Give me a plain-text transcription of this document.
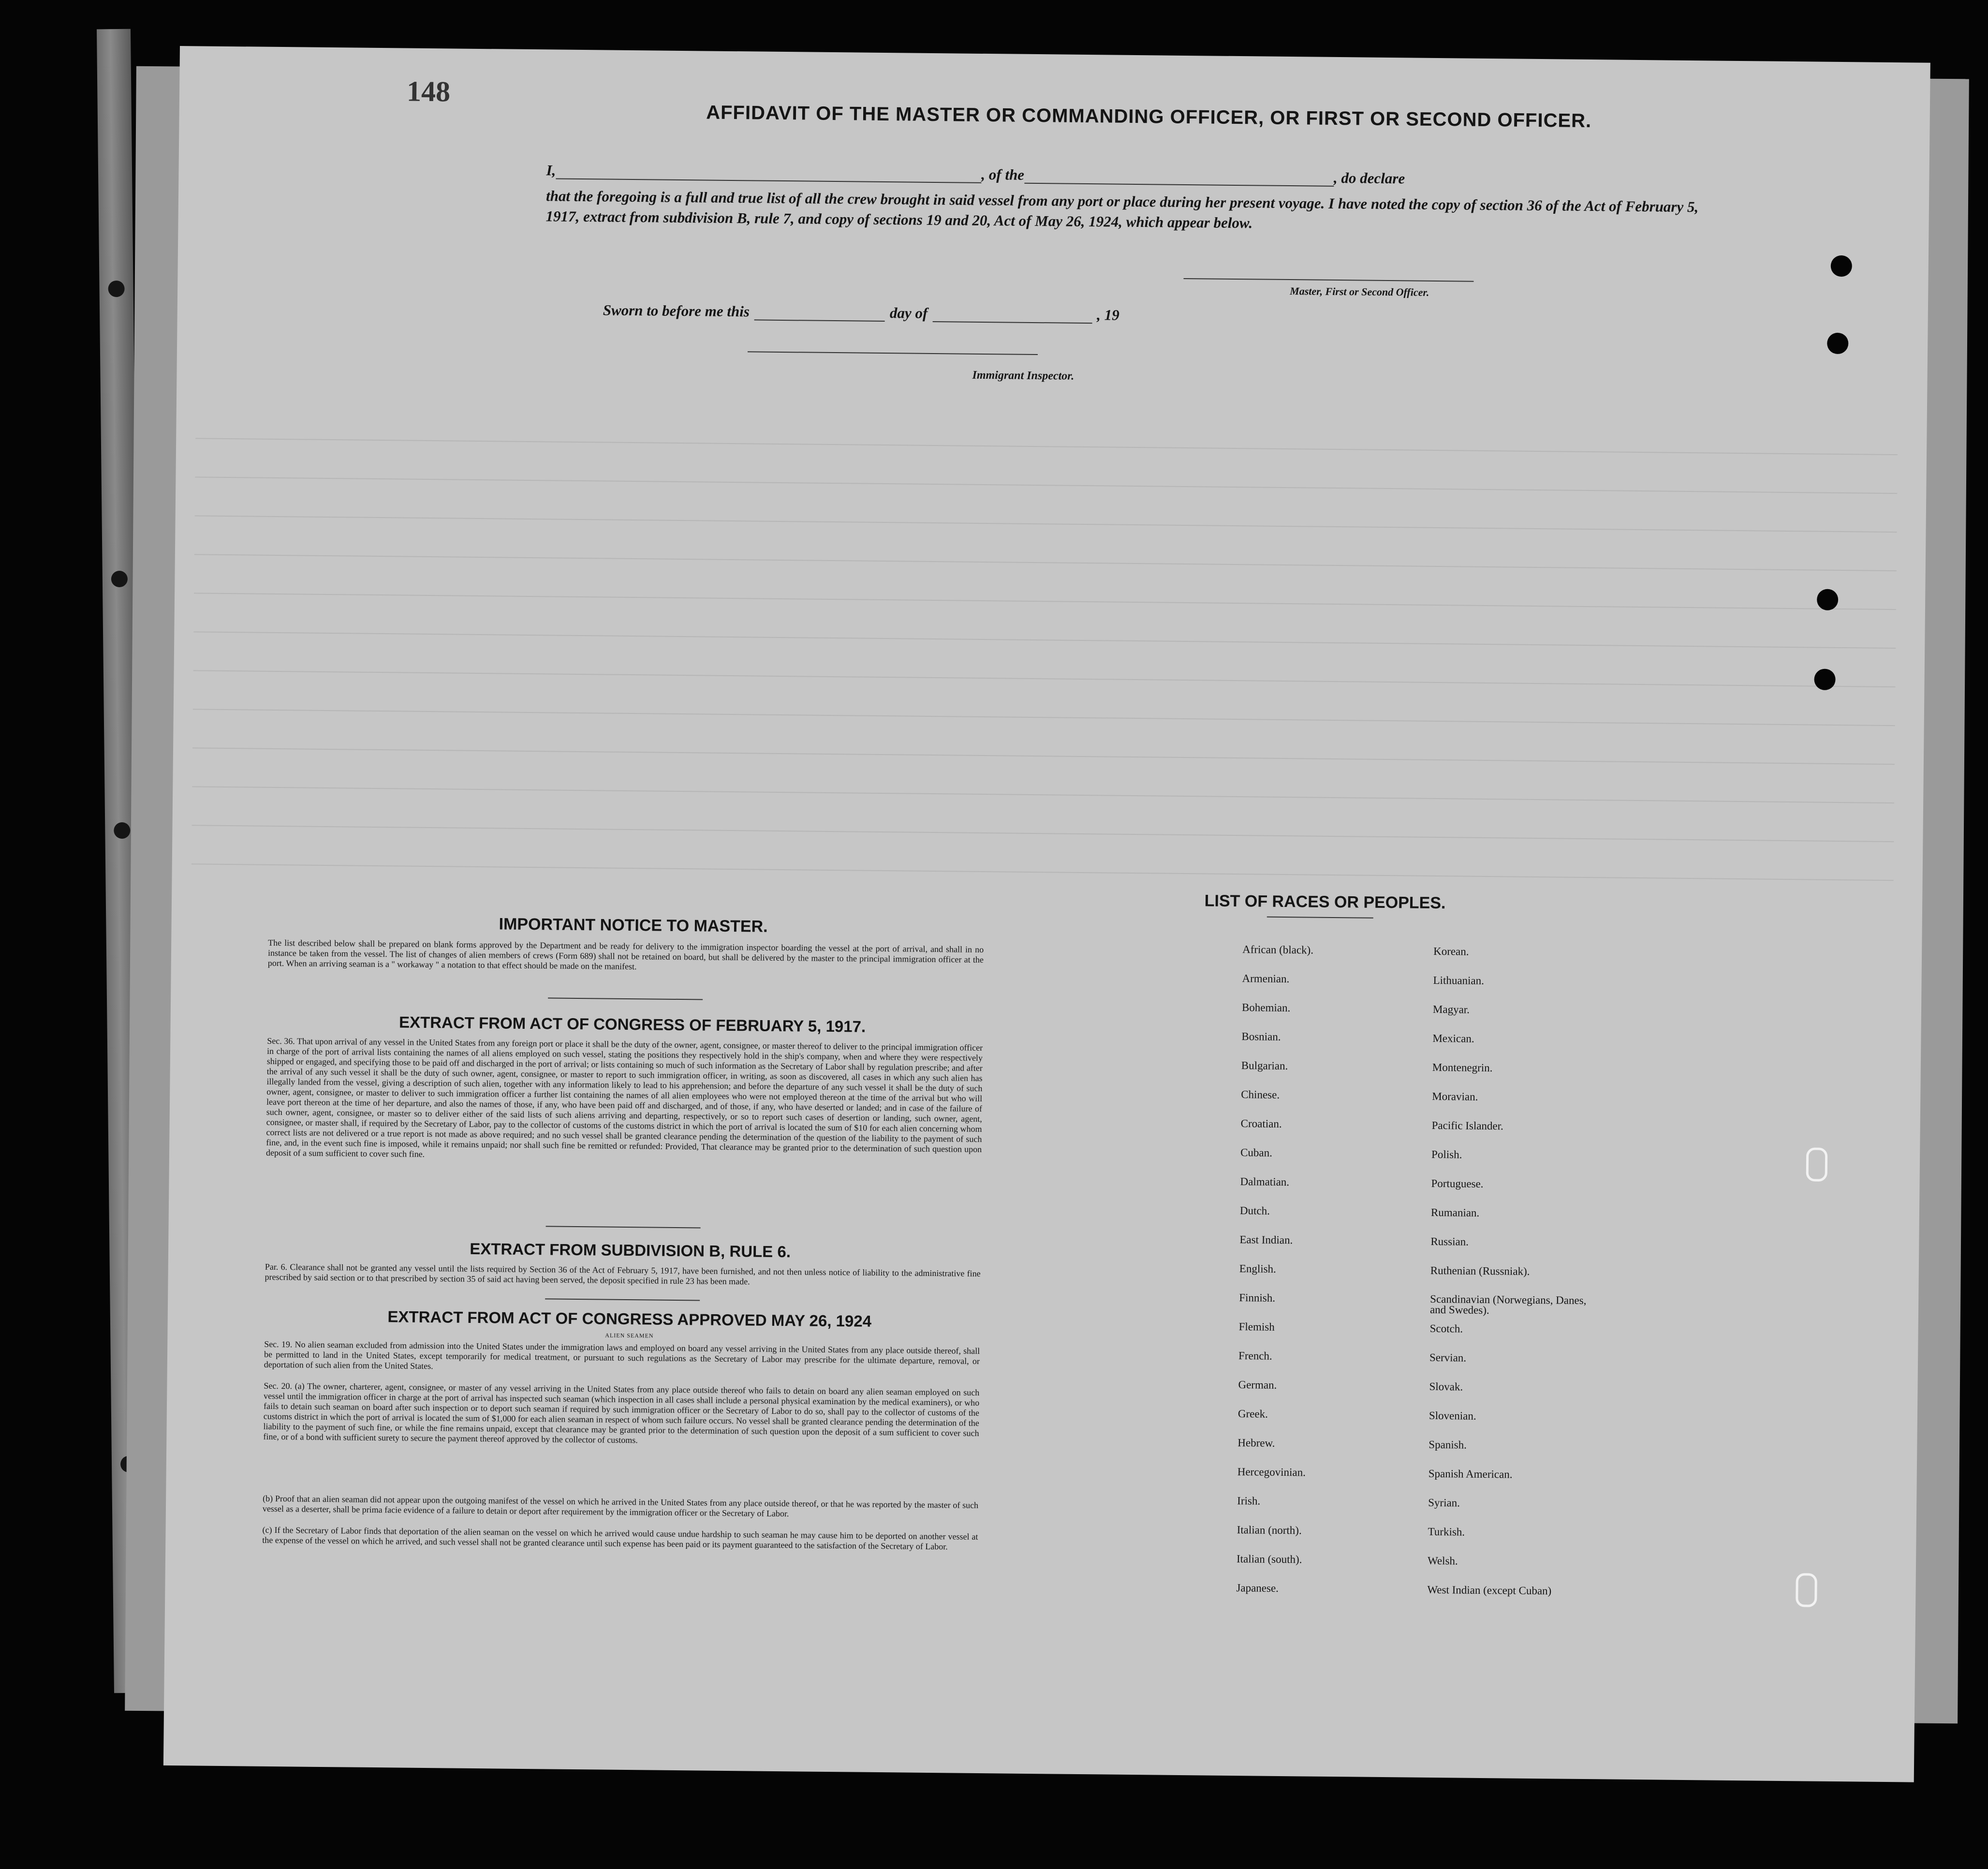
148
AFFIDAVIT OF THE MASTER OR COMMANDING OFFICER, OR FIRST OR SECOND OFFICER.
I,	, of the	, do declare
that the foregoing is a full and true list of all the crew brought in said vessel from any port or place during her present voyage. I have noted the copy of section 36 of the Act of February 5, 1917, extract from subdivision B, rule 7, and copy of sections 19 and 20, Act of May 26, 1924, which appear below.
Master, First or Second Officer.
Sworn to before me this	day of	, 19
Immigrant Inspector.
IMPORTANT NOTICE TO MASTER.
The list described below shall be prepared on blank forms approved by the Department and be ready for delivery to the immigration inspector boarding the vessel at the port of arrival, and shall in no instance be taken from the vessel. The list of changes of alien members of crews (Form 689) shall not be retained on board, but shall be delivered by the master to the principal immigration officer at the port. When an arriving seaman is a " workaway " a notation to that effect should be made on the manifest.
EXTRACT FROM ACT OF CONGRESS OF FEBRUARY 5, 1917.
Sec. 36. That upon arrival of any vessel in the United States from any foreign port or place it shall be the duty of the owner, agent, consignee, or master thereof to deliver to the principal immigration officer in charge of the port of arrival lists containing the names of all aliens employed on such vessel, stating the positions they respectively hold in the ship's company, when and where they were respectively shipped or engaged, and specifying those to be paid off and discharged in the port of arrival; or lists containing so much of such information as the Secretary of Labor shall by regulation prescribe; and after the arrival of any such vessel it shall be the duty of such owner, agent, consignee, or master to report to such immigration officer, in writing, as soon as discovered, all cases in which any such alien has illegally landed from the vessel, giving a description of such alien, together with any information likely to lead to his apprehension; and before the departure of any such vessel it shall be the duty of such owner, agent, consignee, or master to deliver to such immigration officer a further list containing the names of all alien employees who were not employed thereon at the time of the arrival but who will leave port thereon at the time of her departure, and also the names of those, if any, who have been paid off and discharged, and of those, if any, who have deserted or landed; and in case of the failure of such owner, agent, consignee, or master so to deliver either of the said lists of such aliens arriving and departing, respectively, or so to report such cases of desertion or landing, such owner, agent, consignee, or master shall, if required by the Secretary of Labor, pay to the collector of customs of the customs district in which the port of arrival is located the sum of $10 for each alien concerning whom correct lists are not delivered or a true report is not made as above required; and no such vessel shall be granted clearance pending the determination of the question of the liability to the payment of such fine, and, in the event such fine is imposed, while it remains unpaid; nor shall such fine be remitted or refunded: Provided, That clearance may be granted prior to the determination of such question upon deposit of a sum sufficient to cover such fine.
EXTRACT FROM SUBDIVISION B, RULE 6.
Par. 6. Clearance shall not be granted any vessel until the lists required by Section 36 of the Act of February 5, 1917, have been furnished, and not then unless notice of liability to the administrative fine prescribed by said section or to that prescribed by section 35 of said act having been served, the deposit specified in rule 23 has been made.
EXTRACT FROM ACT OF CONGRESS APPROVED MAY 26, 1924
ALIEN SEAMEN
Sec. 19. No alien seaman excluded from admission into the United States under the immigration laws and employed on board any vessel arriving in the United States from any place outside thereof, shall be permitted to land in the United States, except temporarily for medical treatment, or pursuant to such regulations as the Secretary of Labor may prescribe for the ultimate departure, removal, or deportation of such alien from the United States.
Sec. 20. (a) The owner, charterer, agent, consignee, or master of any vessel arriving in the United States from any place outside thereof who fails to detain on board any alien seaman employed on such vessel until the immigration officer in charge at the port of arrival has inspected such seaman (which inspection in all cases shall include a personal physical examination by the medical examiners), or who fails to detain such seaman on board after such inspection or to deport such seaman if required by such immigration officer or the Secretary of Labor to do so, shall pay to the collector of customs of the customs district in which the port of arrival is located the sum of $1,000 for each alien seaman in respect of whom such failure occurs. No vessel shall be granted clearance pending the determination of the liability to the payment of such fine, or while the fine remains unpaid, except that clearance may be granted prior to the determination of such question upon the deposit of a sum sufficient to cover such fine, or of a bond with sufficient surety to secure the payment thereof approved by the collector of customs.
(b) Proof that an alien seaman did not appear upon the outgoing manifest of the vessel on which he arrived in the United States from any place outside thereof, or that he was reported by the master of such vessel as a deserter, shall be prima facie evidence of a failure to detain or deport after requirement by the immigration officer or the Secretary of Labor.
(c) If the Secretary of Labor finds that deportation of the alien seaman on the vessel on which he arrived would cause undue hardship to such seaman he may cause him to be deported on another vessel at the expense of the vessel on which he arrived, and such vessel shall not be granted clearance until such expense has been paid or its payment guaranteed to the satisfaction of the Secretary of Labor.
LIST OF RACES OR PEOPLES.
African (black).
Armenian.
Bohemian.
Bosnian.
Bulgarian.
Chinese.
Croatian.
Cuban.
Dalmatian.
Dutch.
East Indian.
English.
Finnish.
Flemish
French.
German.
Greek.
Hebrew.
Hercegovinian.
Irish.
Italian (north).
Italian (south).
Japanese.
Korean.
Lithuanian.
Magyar.
Mexican.
Montenegrin.
Moravian.
Pacific Islander.
Polish.
Portuguese.
Rumanian.
Russian.
Ruthenian (Russniak).
Scandinavian (Norwegians, Danes, and Swedes).
Scotch.
Servian.
Slovak.
Slovenian.
Spanish.
Spanish American.
Syrian.
Turkish.
Welsh.
West Indian (except Cuban)
